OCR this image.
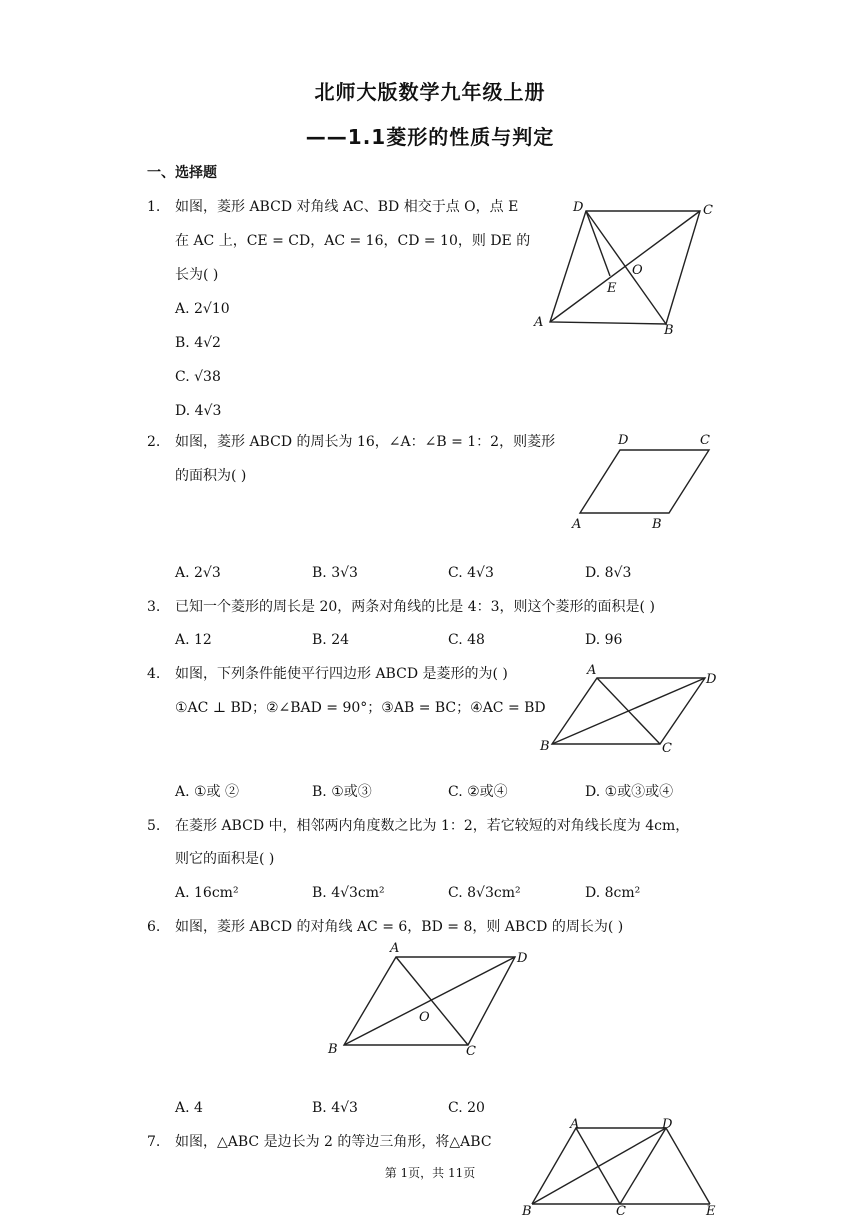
北师大版数学九年级上册
——1.1菱形的性质与判定
一、选择题
1. 如图，菱形 ABCD 对角线 AC、BD 相交于点 O，点 E
在 AC 上，CE = CD，AC = 16，CD = 10，则 DE 的
长为( )
A. 2√10
B. 4√2
C. √38
D. 4√3
D	C
O
E
A
B
2. 如图，菱形 ABCD 的周长为 16，∠A：∠B = 1：2，则菱形
的面积为( )
D	C
A	B
A. 2√3	B. 3√3	C. 4√3	D. 8√3
3. 已知一个菱形的周长是 20，两条对角线的比是 4：3，则这个菱形的面积是( )
A. 12	B. 24	C. 48	D. 96
4. 如图，下列条件能使平行四边形 ABCD 是菱形的为( )
①AC ⊥ BD；②∠BAD = 90°；③AB = BC；④AC = BD
A
D
B	C
A. ①或 ②	B. ①或③	C. ②或④	D. ①或③或④
5. 在菱形 ABCD 中，相邻两内角度数之比为 1：2，若它较短的对角线长度为 4cm，
则它的面积是( )
A. 16cm²	B. 4√3cm²	C. 8√3cm²	D. 8cm²
6. 如图，菱形 ABCD 的对角线 AC = 6，BD = 8，则 ABCD 的周长为( )
A
D
O
B	C
A. 4	B. 4√3	C. 20
7. 如图，△ABC 是边长为 2 的等边三角形，将△ABC
A	D
B	C	E
第 1页，共 11页
